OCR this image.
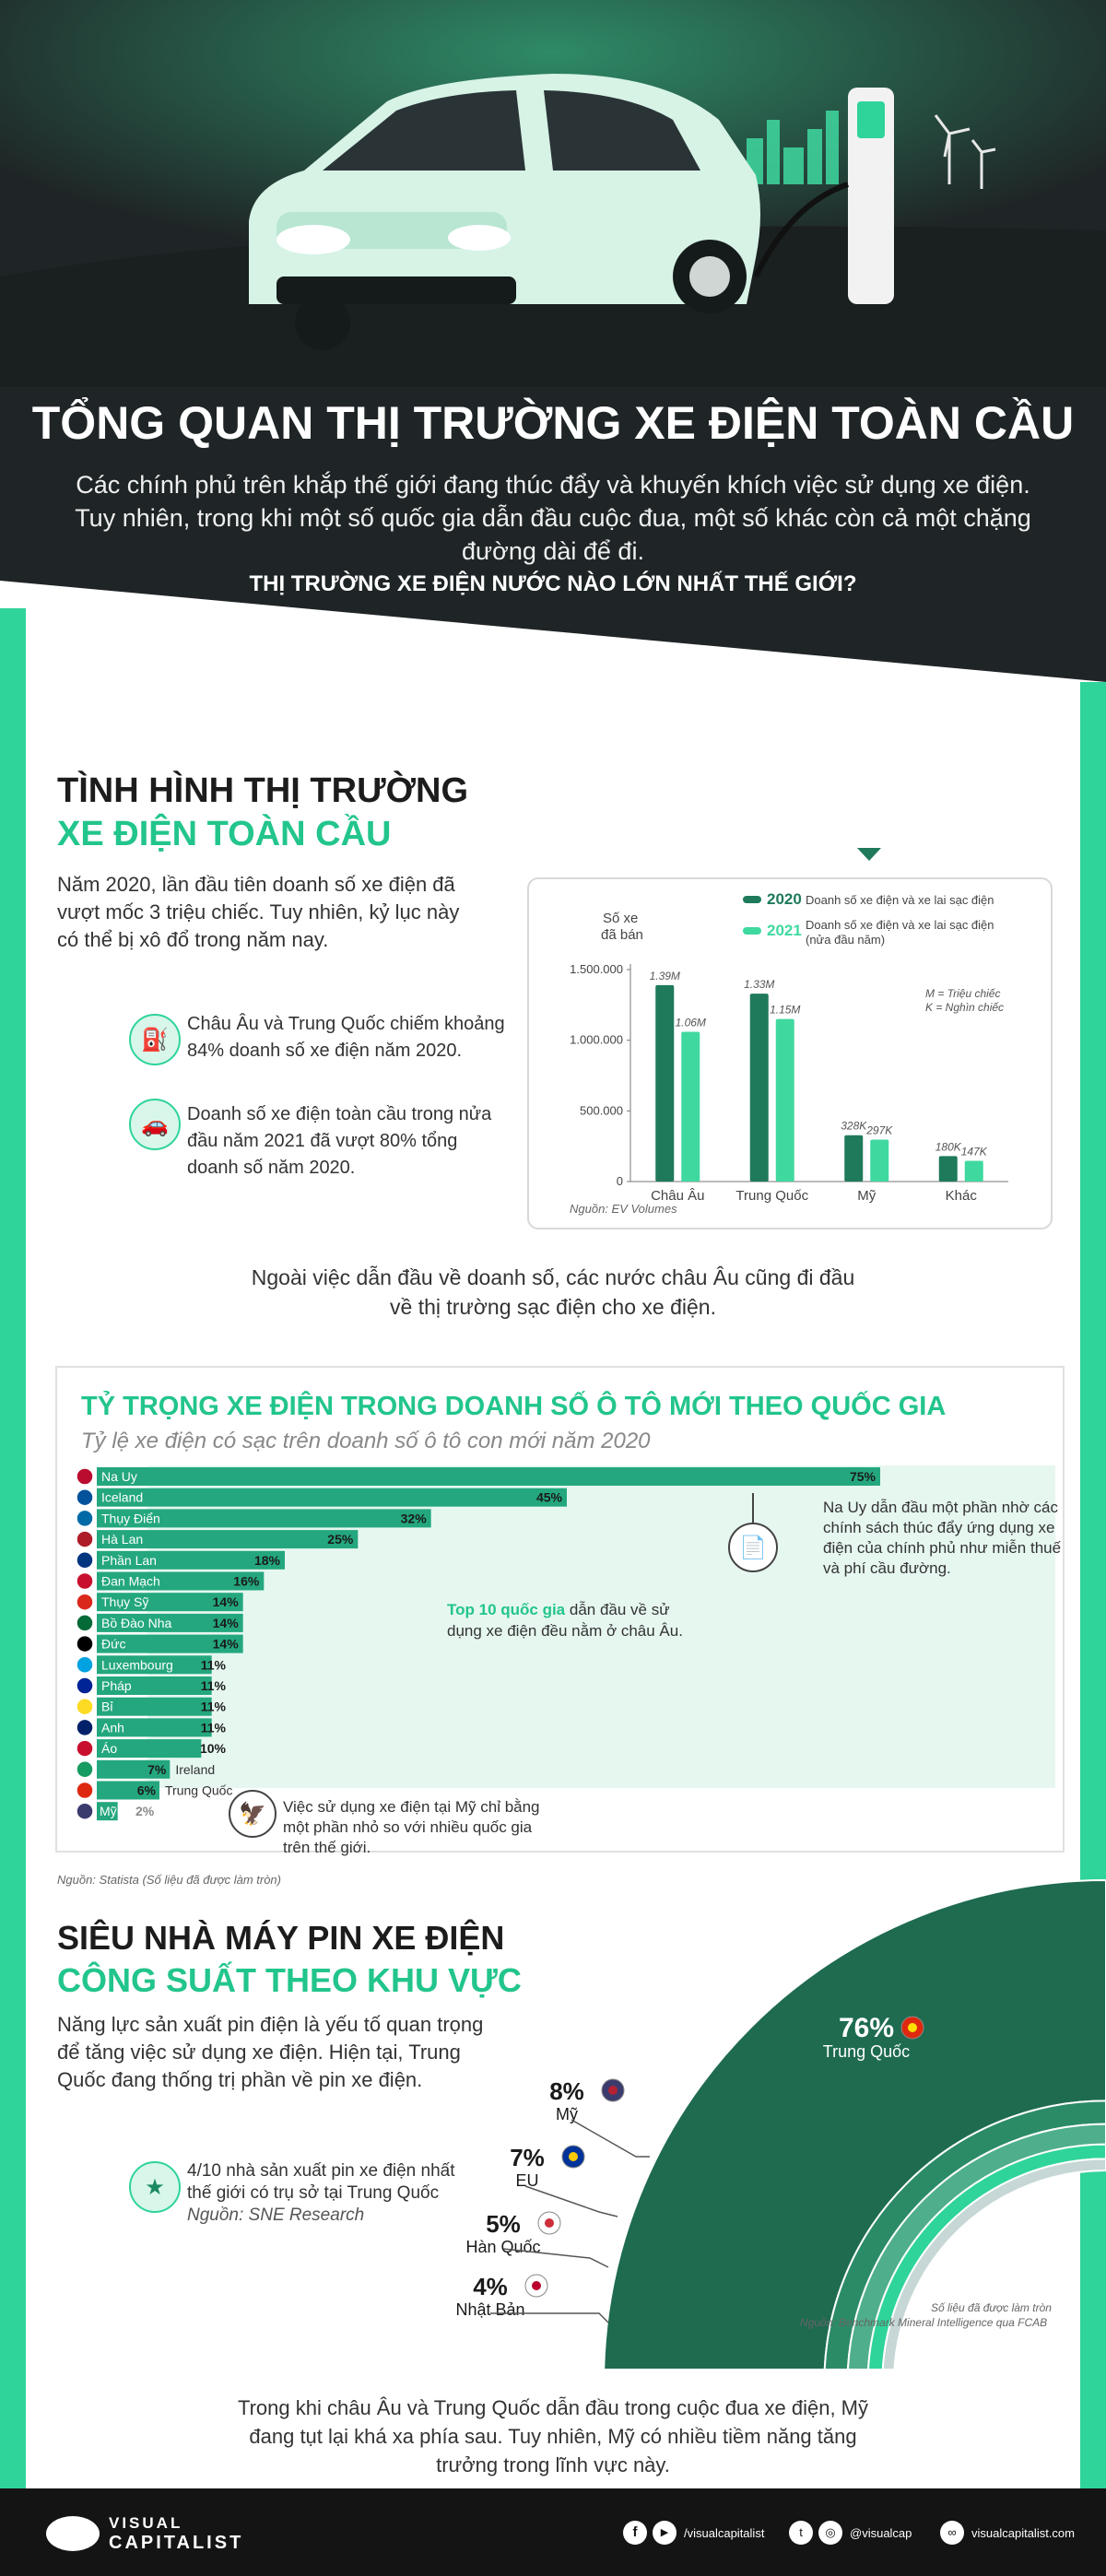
TỔNG QUAN THỊ TRƯỜNG XE ĐIỆN TOÀN CẦU
Các chính phủ trên khắp thế giới đang thúc đẩy và khuyến khích việc sử dụng xe điện.
Tuy nhiên, trong khi một số quốc gia dẫn đầu cuộc đua, một số khác còn cả một chặng
đường dài để đi.
THỊ TRƯỜNG XE ĐIỆN NƯỚC NÀO LỚN NHẤT THẾ GIỚI?
TÌNH HÌNH THỊ TRƯỜNG
XE ĐIỆN TOÀN CẦU
Năm 2020, lần đầu tiên doanh số xe điện đã
vượt mốc 3 triệu chiếc. Tuy nhiên, kỷ lục này
có thể bị xô đổ trong năm nay.
⛽
Châu Âu và Trung Quốc chiếm khoảng
84% doanh số xe điện năm 2020.
🚗	Doanh số xe điện toàn cầu trong nửa
đầu năm 2021 đã vượt 80% tổng
doanh số năm 2020.
Số xe
đã bán
2020 Doanh số xe điện và xe lai sạc điện
2021 Doanh số xe điện và xe lai sạc điện
(nửa đầu năm)
M = Triệu chiếc
K = Nghìn chiếc
1.500.000
1.000.000
500.000
0
1.39M
1.06M
Châu Âu
1.33M
1.15M
Trung Quốc
328K 297K
Mỹ
180K 147K
Khác
Nguồn: EV Volumes
Ngoài việc dẫn đầu về doanh số, các nước châu Âu cũng đi đầu
về thị trường sạc điện cho xe điện.
TỶ TRỌNG XE ĐIỆN TRONG DOANH SỐ Ô TÔ MỚI THEO QUỐC GIA
Tỷ lệ xe điện có sạc trên doanh số ô tô con mới năm 2020
Na Uy	75%
Iceland	45%
Thụy Điển	32%
Hà Lan	25%
Phần Lan	18%
Đan Mạch	16%
Thụy Sỹ	14%
Bồ Đào Nha	14%
Đức	14%
Luxembourg 11%
Pháp	11%
Bỉ	11%
Anh	11%
Áo	10%
7% Ireland
6% Trung Quốc
Mỹ 2%
📄
Na Uy dẫn đầu một phần nhờ các
chính sách thúc đẩy ứng dụng xe
điện của chính phủ như miễn thuế
và phí cầu đường.
Top 10 quốc gia dẫn đầu về sử
dụng xe điện đều nằm ở châu Âu.
🦅	Việc sử dụng xe điện tại Mỹ chỉ bằng
một phần nhỏ so với nhiều quốc gia
trên thế giới.
Nguồn: Statista (Số liệu đã được làm tròn)
SIÊU NHÀ MÁY PIN XE ĐIỆN
CÔNG SUẤT THEO KHU VỰC
Năng lực sản xuất pin điện là yếu tố quan trọng
để tăng việc sử dụng xe điện. Hiện tại, Trung
Quốc đang thống trị phần về pin xe điện.
★
4/10 nhà sản xuất pin xe điện nhất
thế giới có trụ sở tại Trung Quốc
Nguồn: SNE Research
76%
Trung Quốc
8%
Mỹ
7%
EU
5%
Hàn Quốc
4%
Nhật Bản	Số liệu đã được làm tròn
Nguồn: Benchmark Mineral Intelligence qua FCAB
Trong khi châu Âu và Trung Quốc dẫn đầu trong cuộc đua xe điện, Mỹ
đang tụt lại khá xa phía sau. Tuy nhiên, Mỹ có nhiều tiềm năng tăng
trưởng trong lĩnh vực này.
VISUAL
CAPITALIST
f	▶	/visualcapitalist	t	◎	@visualcap	∞	visualcapitalist.com
